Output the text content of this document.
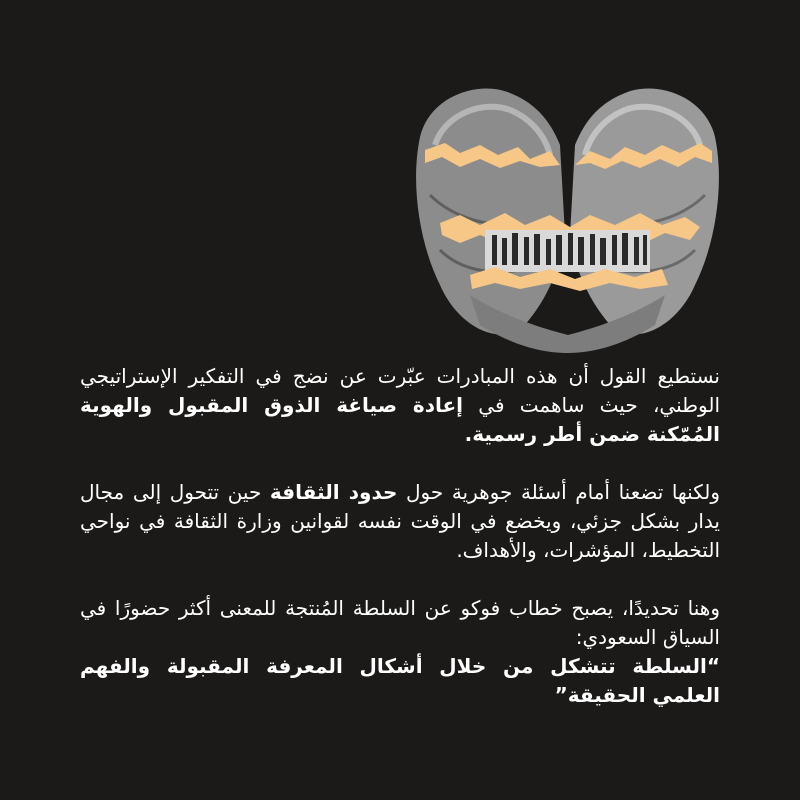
نستطيع القول أن هذه المبادرات عبّرت عن نضج في التفكير الإستراتيجي الوطني، حيث ساهمت في إعادة صياغة الذوق المقبول والهوية المُمّكنة ضمن أطر رسمية.

ولكنها تضعنا أمام أسئلة جوهرية حول حدود الثقافة حين تتحول إلى مجال يدار بشكل جزئي، ويخضع في الوقت نفسه لقوانين وزارة الثقافة في نواحي التخطيط، المؤشرات، والأهداف.

وهنا تحديدًا، يصبح خطاب فوكو عن السلطة المُنتجة للمعنى أكثر حضورًا في السياق السعودي:
“السلطة تتشكل من خلال أشكال المعرفة المقبولة والفهم العلمي الحقيقة”
